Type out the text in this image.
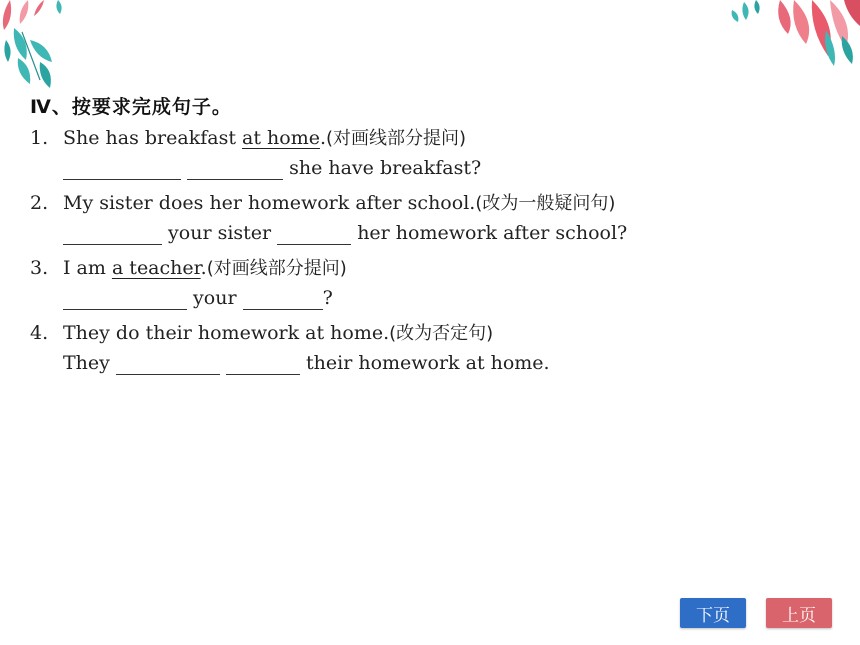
Ⅳ、按要求完成句子。
1. She has breakfast at home.(对画线部分提问)
she have breakfast?
2. My sister does her homework after school.(改为一般疑问句)
your sister	her homework after school?
3. I am a teacher.(对画线部分提问)
your	?
4. They do their homework at home.(改为否定句)
They	their homework at home.
下页	上页
